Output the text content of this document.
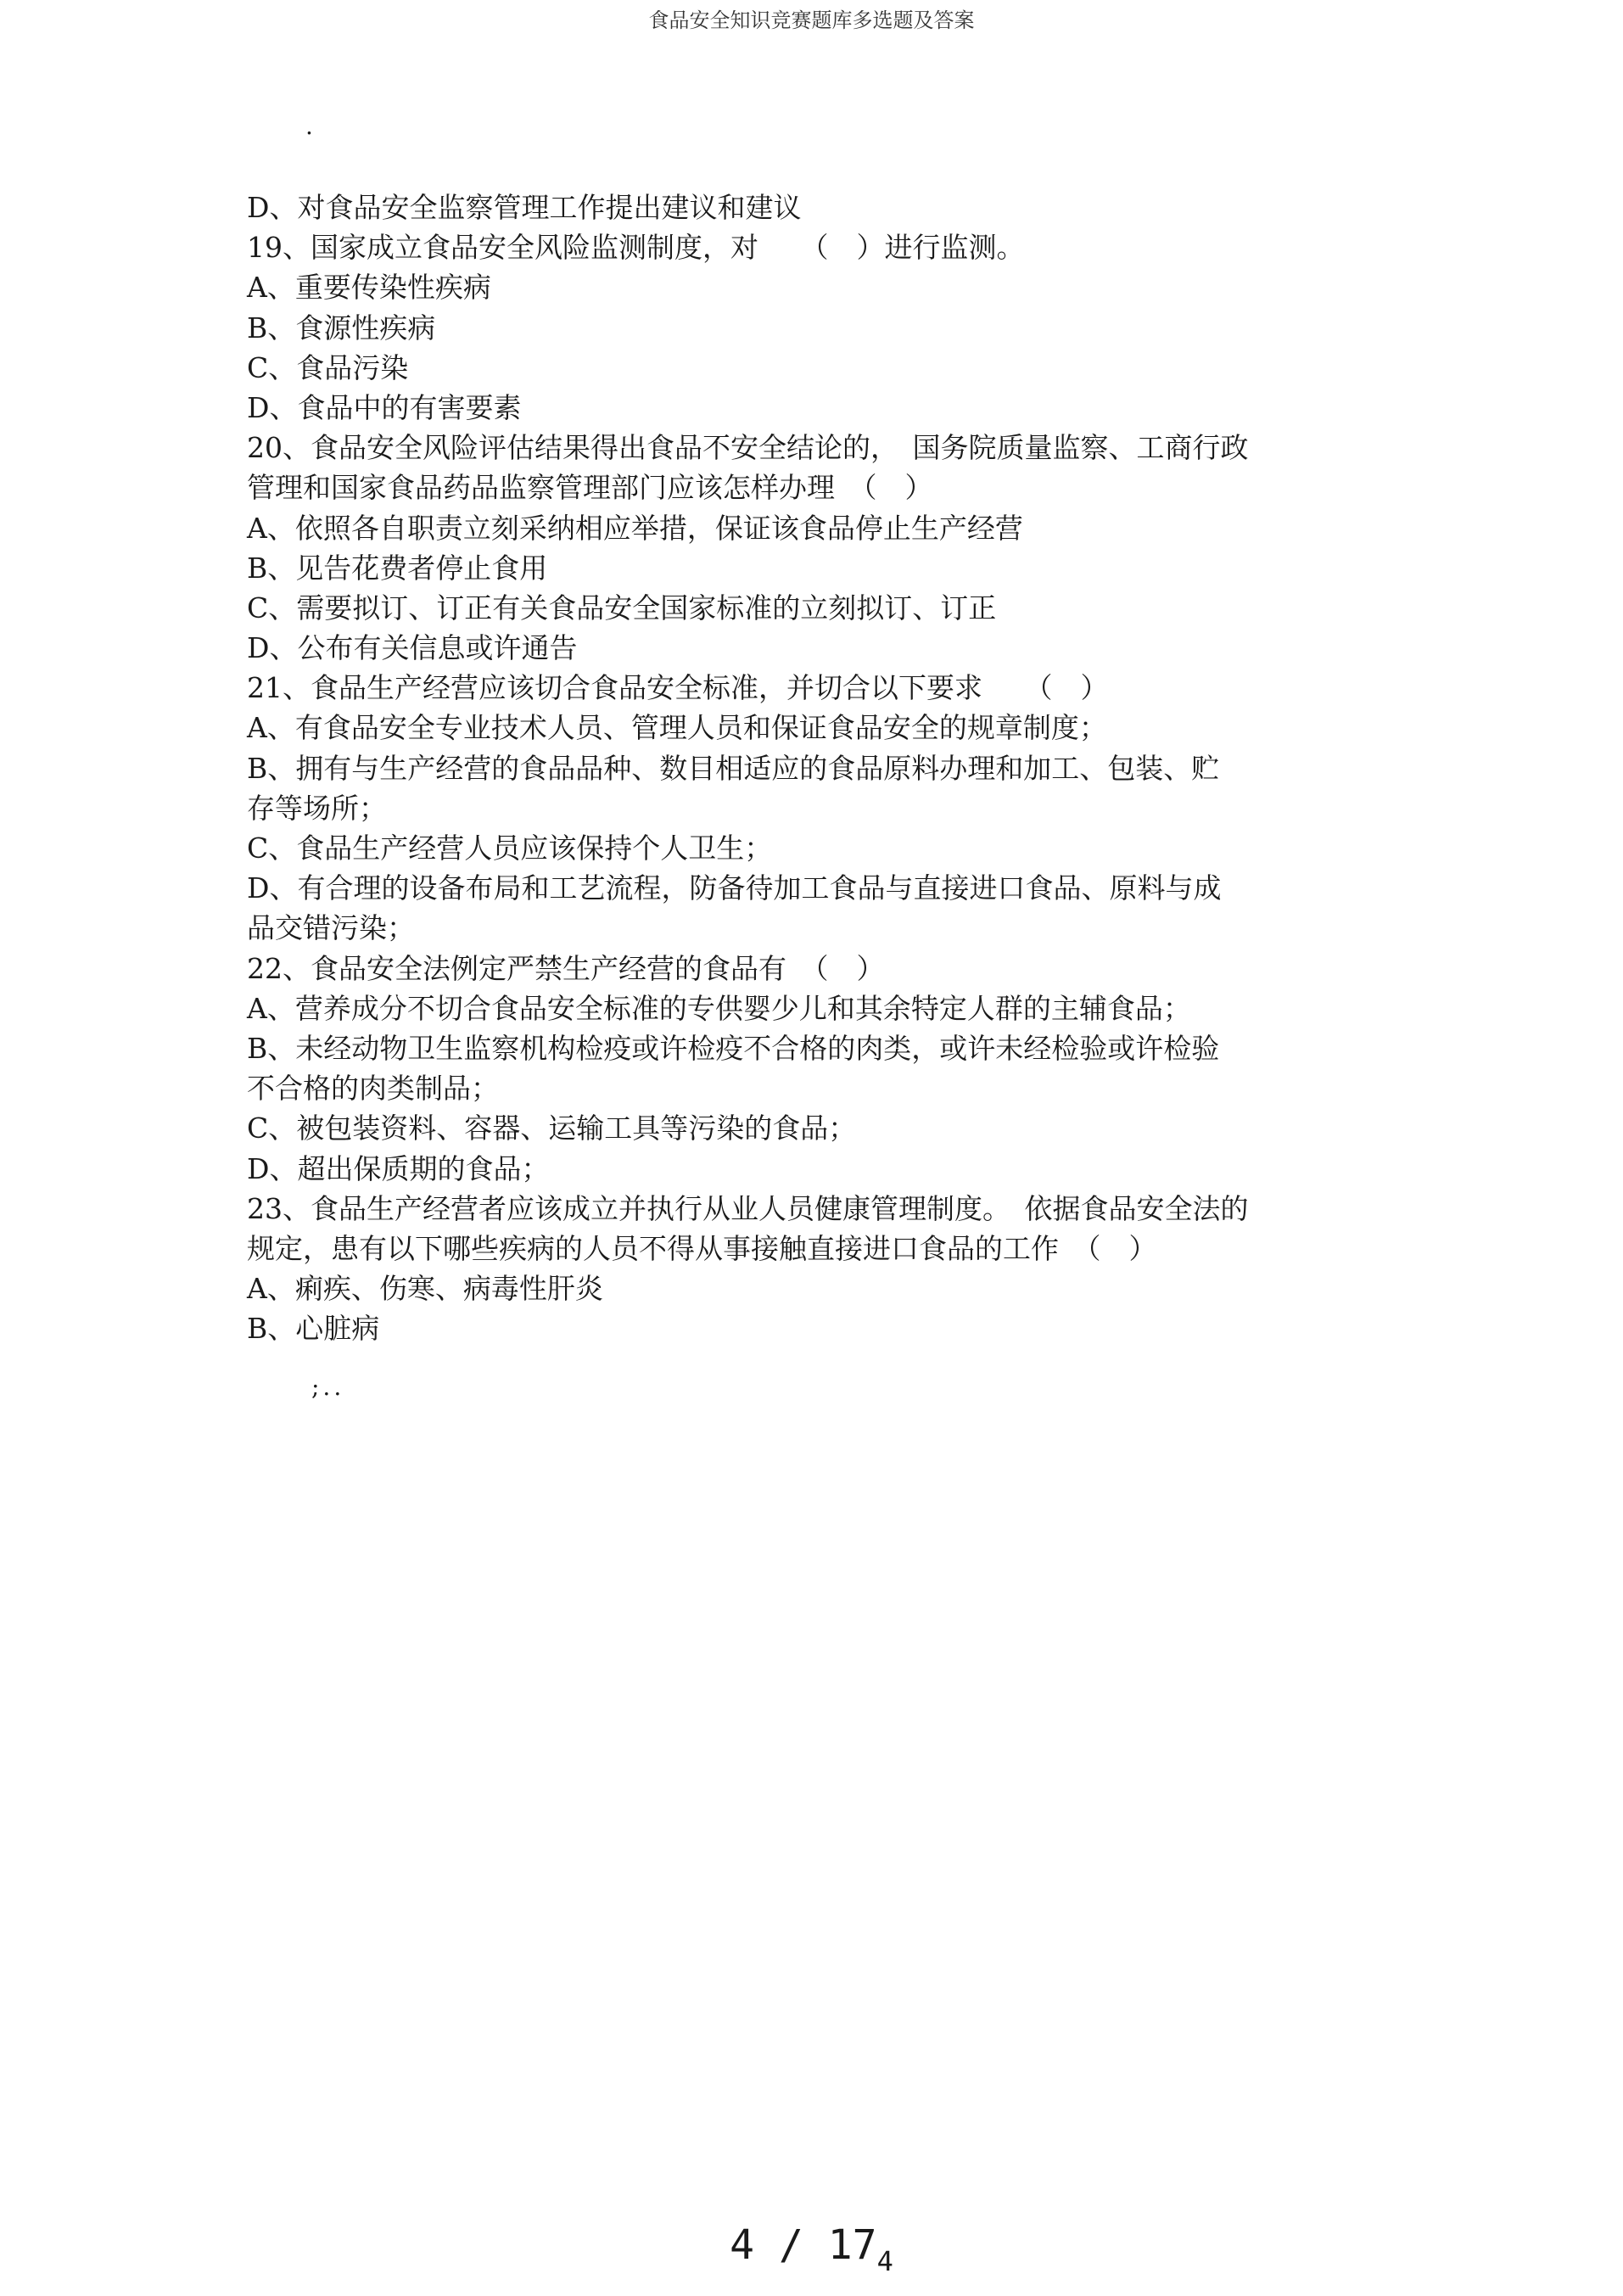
食品安全知识竞赛题库多选题及答案
.
D、对食品安全监察管理工作提出建议和建议
19、国家成立食品安全风险监测制度，对　　（　）进行监测。
A、重要传染性疾病
B、食源性疾病
C、食品污染
D、食品中的有害要素
20、食品安全风险评估结果得出食品不安全结论的，　国务院质量监察、工商行政
管理和国家食品药品监察管理部门应该怎样办理　（　）
A、依照各自职责立刻采纳相应举措，保证该食品停止生产经营
B、见告花费者停止食用
C、需要拟订、订正有关食品安全国家标准的立刻拟订、订正
D、公布有关信息或许通告
21、食品生产经营应该切合食品安全标准，并切合以下要求　　（　）
A、有食品安全专业技术人员、管理人员和保证食品安全的规章制度；
B、拥有与生产经营的食品品种、数目相适应的食品原料办理和加工、包装、贮
存等场所；
C、食品生产经营人员应该保持个人卫生；
D、有合理的设备布局和工艺流程，防备待加工食品与直接进口食品、原料与成
品交错污染；
22、食品安全法例定严禁生产经营的食品有　（　）
A、营养成分不切合食品安全标准的专供婴少儿和其余特定人群的主辅食品；
B、未经动物卫生监察机构检疫或许检疫不合格的肉类，或许未经检验或许检验
不合格的肉类制品；
C、被包装资料、容器、运输工具等污染的食品；
D、超出保质期的食品；
23、食品生产经营者应该成立并执行从业人员健康管理制度。　依据食品安全法的
规定，患有以下哪些疾病的人员不得从事接触直接进口食品的工作　（　）
A、痢疾、伤寒、病毒性肝炎
B、心脏病
;..
$4 / 17_4$
